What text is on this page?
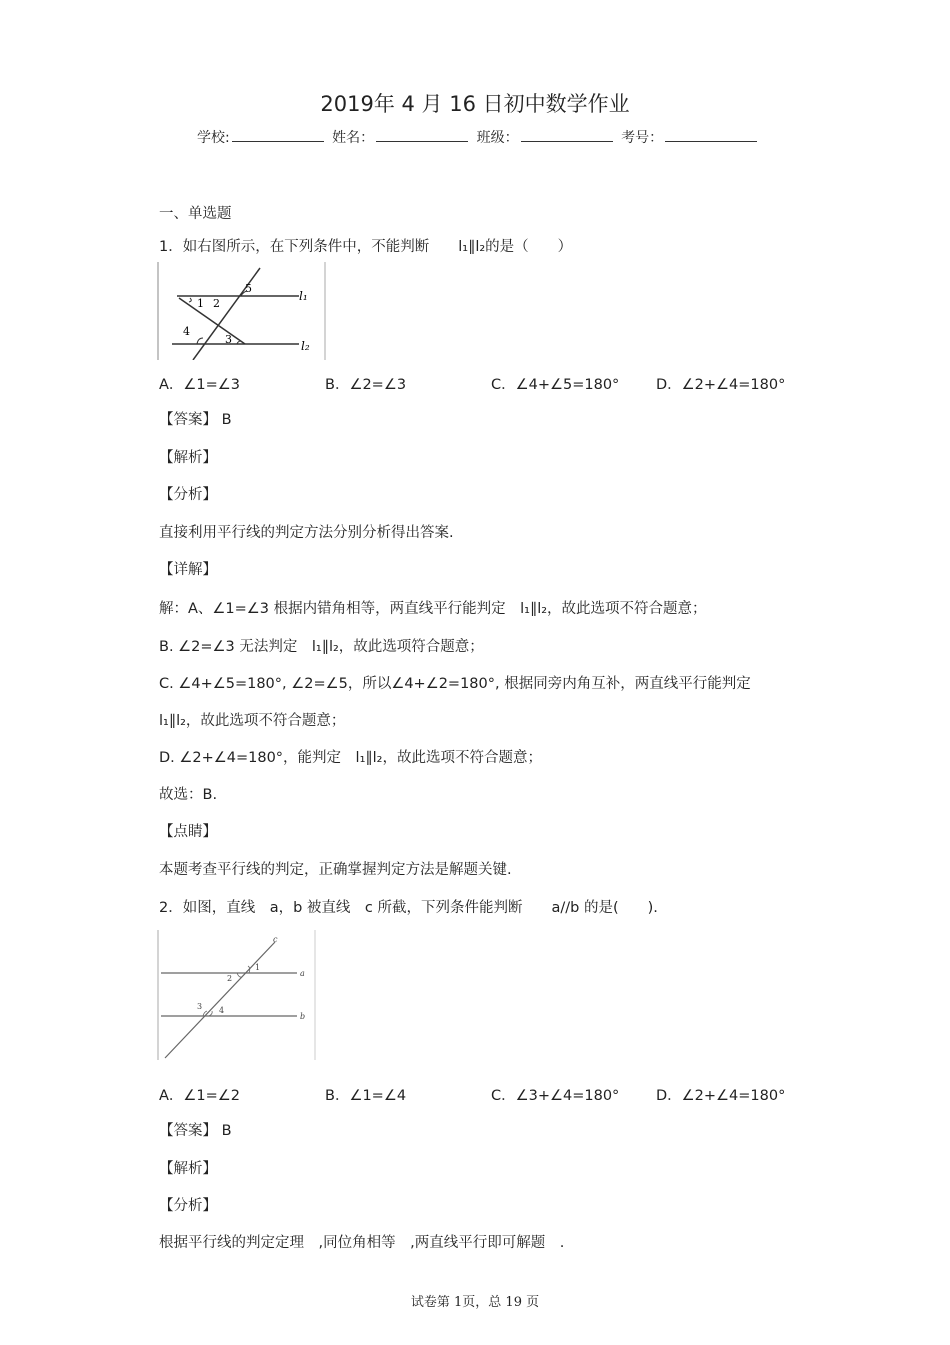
2019年 4 月 16 日初中数学作业
学校:	姓名：	班级：	考号：
一、单选题
1．如右图所示，在下列条件中，不能判断　　l₁∥l₂的是（　　）
1 2
3
4
5
l₁
l₂
A．∠1=∠3	B．∠2=∠3	C．∠4+∠5=180°	D．∠2+∠4=180°
【答案】 B
【解析】
【分析】
直接利用平行线的判定方法分别分析得出答案.
【详解】
解：A、∠1=∠3 根据内错角相等，两直线平行能判定　l₁∥l₂，故此选项不符合题意；
B. ∠2=∠3 无法判定　l₁∥l₂，故此选项符合题意；
C. ∠4+∠5=180°, ∠2=∠5，所以∠4+∠2=180°, 根据同旁内角互补，两直线平行能判定
l₁∥l₂，故此选项不符合题意；
D. ∠2+∠4=180°，能判定　l₁∥l₂，故此选项不符合题意；
故选：B.
【点睛】
本题考查平行线的判定，正确掌握判定方法是解题关键.
2．如图，直线　a，b 被直线　c 所截，下列条件能判断　　a//b 的是(　　).
c
a
b
1
2
3 4
A．∠1=∠2	B．∠1=∠4	C．∠3+∠4=180°	D．∠2+∠4=180°
【答案】 B
【解析】
【分析】
根据平行线的判定定理　,同位角相等　,两直线平行即可解题　.
试卷第 1页，总 19 页
